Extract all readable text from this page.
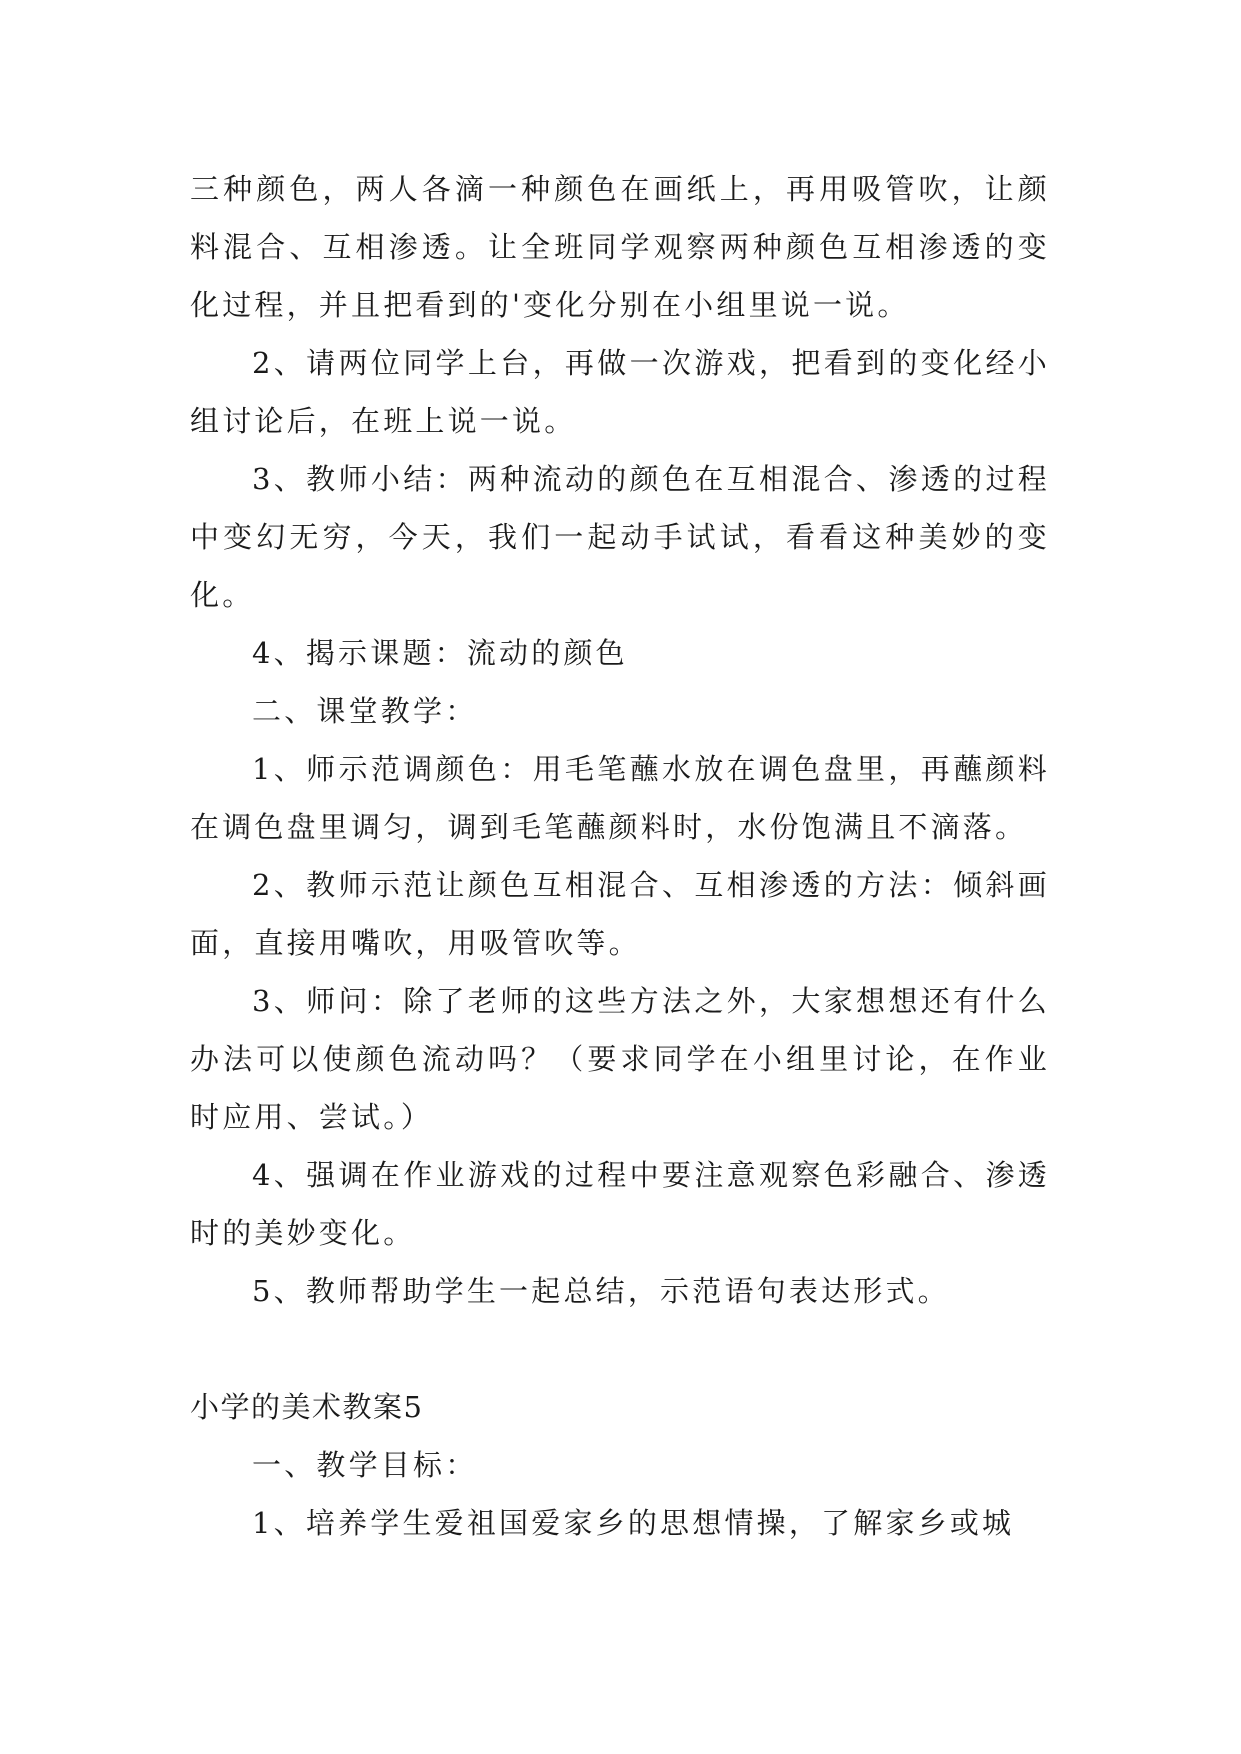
三种颜色，两人各滴一种颜色在画纸上，再用吸管吹，让颜料混合、互相渗透。让全班同学观察两种颜色互相渗透的变化过程，并且把看到的'变化分别在小组里说一说。

2、请两位同学上台，再做一次游戏，把看到的变化经小组讨论后，在班上说一说。

3、教师小结：两种流动的颜色在互相混合、渗透的过程中变幻无穷，今天，我们一起动手试试，看看这种美妙的变化。

4、揭示课题：流动的颜色

二、课堂教学：

1、师示范调颜色：用毛笔蘸水放在调色盘里，再蘸颜料在调色盘里调匀，调到毛笔蘸颜料时，水份饱满且不滴落。

2、教师示范让颜色互相混合、互相渗透的方法：倾斜画面，直接用嘴吹，用吸管吹等。

3、师问：除了老师的这些方法之外，大家想想还有什么办法可以使颜色流动吗？（要求同学在小组里讨论，在作业时应用、尝试。）

4、强调在作业游戏的过程中要注意观察色彩融合、渗透时的美妙变化。

5、教师帮助学生一起总结，示范语句表达形式。

小学的美术教案5

一、教学目标：

1、培养学生爱祖国爱家乡的思想情操，了解家乡或城
